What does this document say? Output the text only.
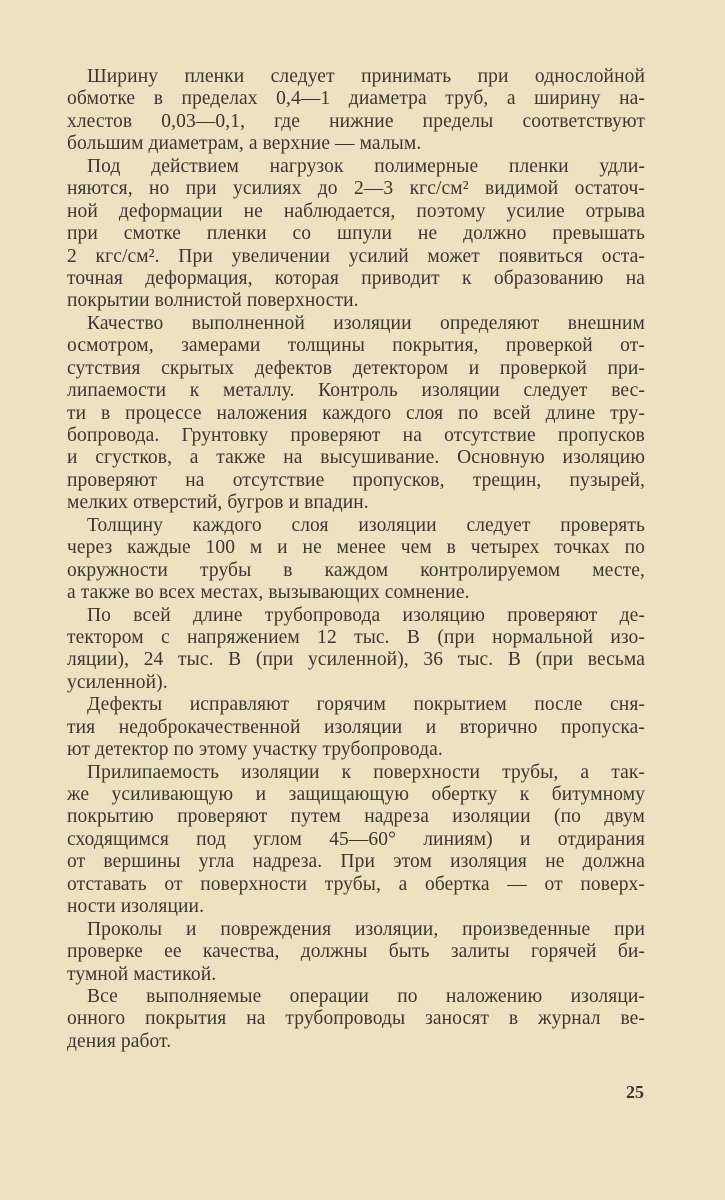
Ширину пленки следует принимать при однослойной
обмотке в пределах 0,4—1 диаметра труб, а ширину на-
хлестов 0,03—0,1, где нижние пределы соответствуют
большим диаметрам, а верхние — малым.
Под действием нагрузок полимерные пленки удли-
няются, но при усилиях до 2—3 кгс/см² видимой остаточ-
ной деформации не наблюдается, поэтому усилие отрыва
при смотке пленки со шпули не должно превышать
2 кгс/см². При увеличении усилий может появиться оста-
точная деформация, которая приводит к образованию на
покрытии волнистой поверхности.
Качество выполненной изоляции определяют внешним
осмотром, замерами толщины покрытия, проверкой от-
сутствия скрытых дефектов детектором и проверкой при-
липаемости к металлу. Контроль изоляции следует вес-
ти в процессе наложения каждого слоя по всей длине тру-
бопровода. Грунтовку проверяют на отсутствие пропусков
и сгустков, а также на высушивание. Основную изоляцию
проверяют на отсутствие пропусков, трещин, пузырей,
мелких отверстий, бугров и впадин.
Толщину каждого слоя изоляции следует проверять
через каждые 100 м и не менее чем в четырех точках по
окружности трубы в каждом контролируемом месте,
а также во всех местах, вызывающих сомнение.
По всей длине трубопровода изоляцию проверяют де-
тектором с напряжением 12 тыс. В (при нормальной изо-
ляции), 24 тыс. В (при усиленной), 36 тыс. В (при весьма
усиленной).
Дефекты исправляют горячим покрытием после сня-
тия недоброкачественной изоляции и вторично пропуска-
ют детектор по этому участку трубопровода.
Прилипаемость изоляции к поверхности трубы, а так-
же усиливающую и защищающую обертку к битумному
покрытию проверяют путем надреза изоляции (по двум
сходящимся под углом 45—60° линиям) и отдирания
от вершины угла надреза. При этом изоляция не должна
отставать от поверхности трубы, а обертка — от поверх-
ности изоляции.
Проколы и повреждения изоляции, произведенные при
проверке ее качества, должны быть залиты горячей би-
тумной мастикой.
Все выполняемые операции по наложению изоляци-
онного покрытия на трубопроводы заносят в журнал ве-
дения работ.
25
